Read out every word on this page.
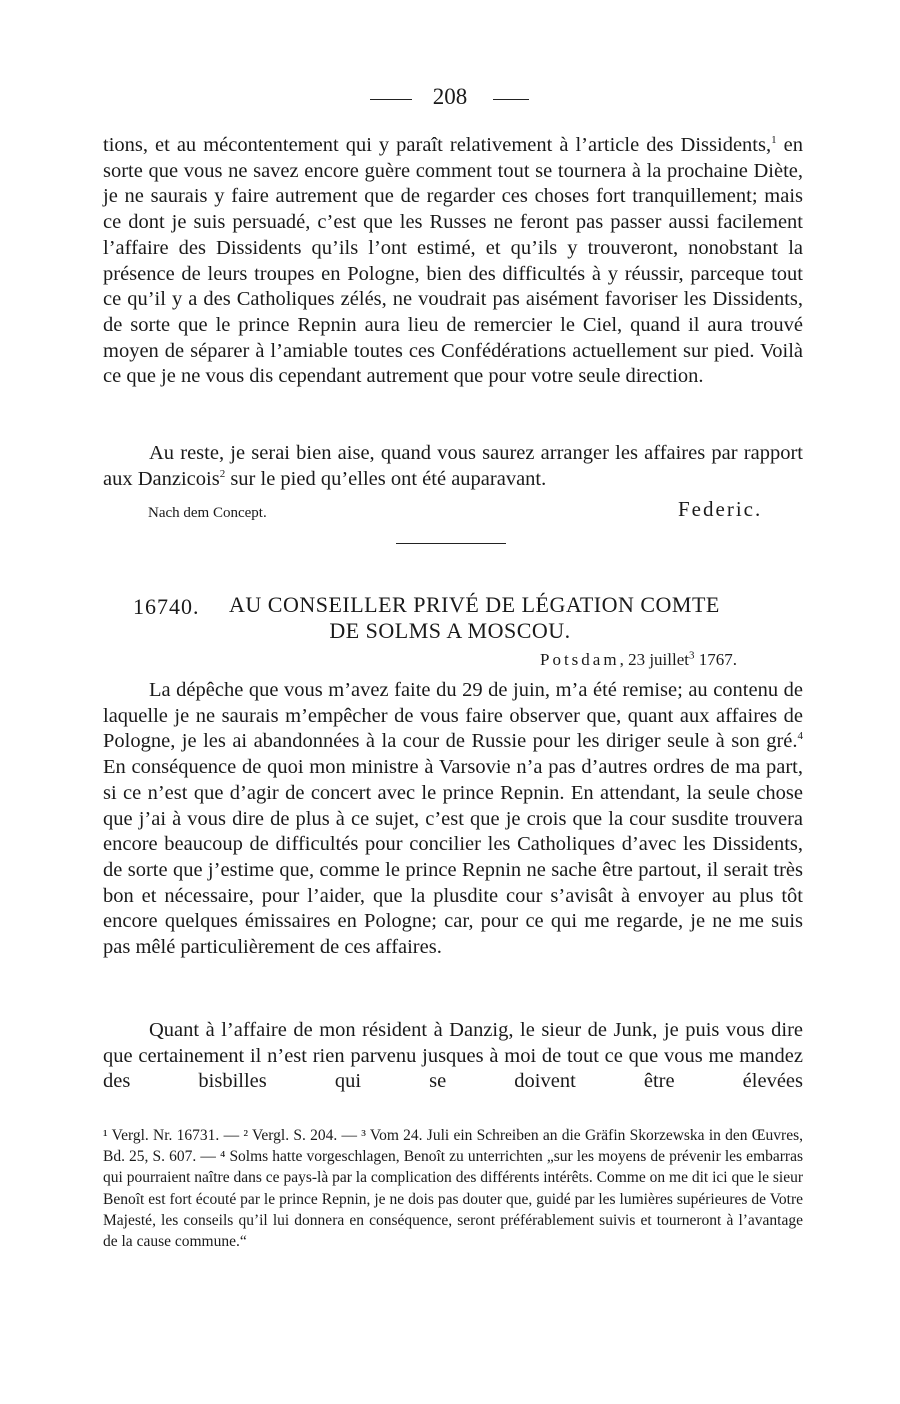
208

tions, et au mécontentement qui y paraît relativement à l’article des Dissidents,$^1$ en sorte que vous ne savez encore guère comment tout se tournera à la prochaine Diète, je ne saurais y faire autrement que de regarder ces choses fort tranquillement; mais ce dont je suis persuadé, c’est que les Russes ne feront pas passer aussi facilement l’affaire des Dissidents qu’ils l’ont estimé, et qu’ils y trouveront, nonobstant la présence de leurs troupes en Pologne, bien des difficultés à y réussir, parceque tout ce qu’il y a des Catholiques zélés, ne voudrait pas aisément favoriser les Dissidents, de sorte que le prince Repnin aura lieu de remercier le Ciel, quand il aura trouvé moyen de séparer à l’amiable toutes ces Confédérations actuellement sur pied. Voilà ce que je ne vous dis cependant autrement que pour votre seule direction.

Au reste, je serai bien aise, quand vous saurez arranger les affaires par rapport aux Danzicois$^2$ sur le pied qu’elles ont été auparavant.

Nach dem Concept.	Federic.
16740. AU CONSEILLER PRIVÉ DE LÉGATION COMTE
DE SOLMS A MOSCOU.
Potsdam, 23 juillet$^3$ 1767.

La dépêche que vous m’avez faite du 29 de juin, m’a été remise; au contenu de laquelle je ne saurais m’empêcher de vous faire observer que, quant aux affaires de Pologne, je les ai abandonnées à la cour de Russie pour les diriger seule à son gré.$^4$ En conséquence de quoi mon ministre à Varsovie n’a pas d’autres ordres de ma part, si ce n’est que d’agir de concert avec le prince Repnin. En attendant, la seule chose que j’ai à vous dire de plus à ce sujet, c’est que je crois que la cour susdite trouvera encore beaucoup de difficultés pour concilier les Catholiques d’avec les Dissidents, de sorte que j’estime que, comme le prince Repnin ne sache être partout, il serait très bon et nécessaire, pour l’aider, que la plusdite cour s’avisât à envoyer au plus tôt encore quelques émissaires en Pologne; car, pour ce qui me regarde, je ne me suis pas mêlé particulièrement de ces affaires.

Quant à l’affaire de mon résident à Danzig, le sieur de Junk, je puis vous dire que certainement il n’est rien parvenu jusques à moi de tout ce que vous me mandez des bisbilles qui se doivent être élevées

¹ Vergl. Nr. 16731. — ² Vergl. S. 204. — ³ Vom 24. Juli ein Schreiben an die Gräfin Skorzewska in den Œuvres, Bd. 25, S. 607. — ⁴ Solms hatte vorgeschlagen, Benoît zu unterrichten „sur les moyens de prévenir les embarras qui pourraient naître dans ce pays-là par la complication des différents intérêts. Comme on me dit ici que le sieur Benoît est fort écouté par le prince Repnin, je ne dois pas douter que, guidé par les lumières supérieures de Votre Majesté, les conseils qu’il lui donnera en conséquence, seront préférablement suivis et tourneront à l’avantage de la cause commune.“
